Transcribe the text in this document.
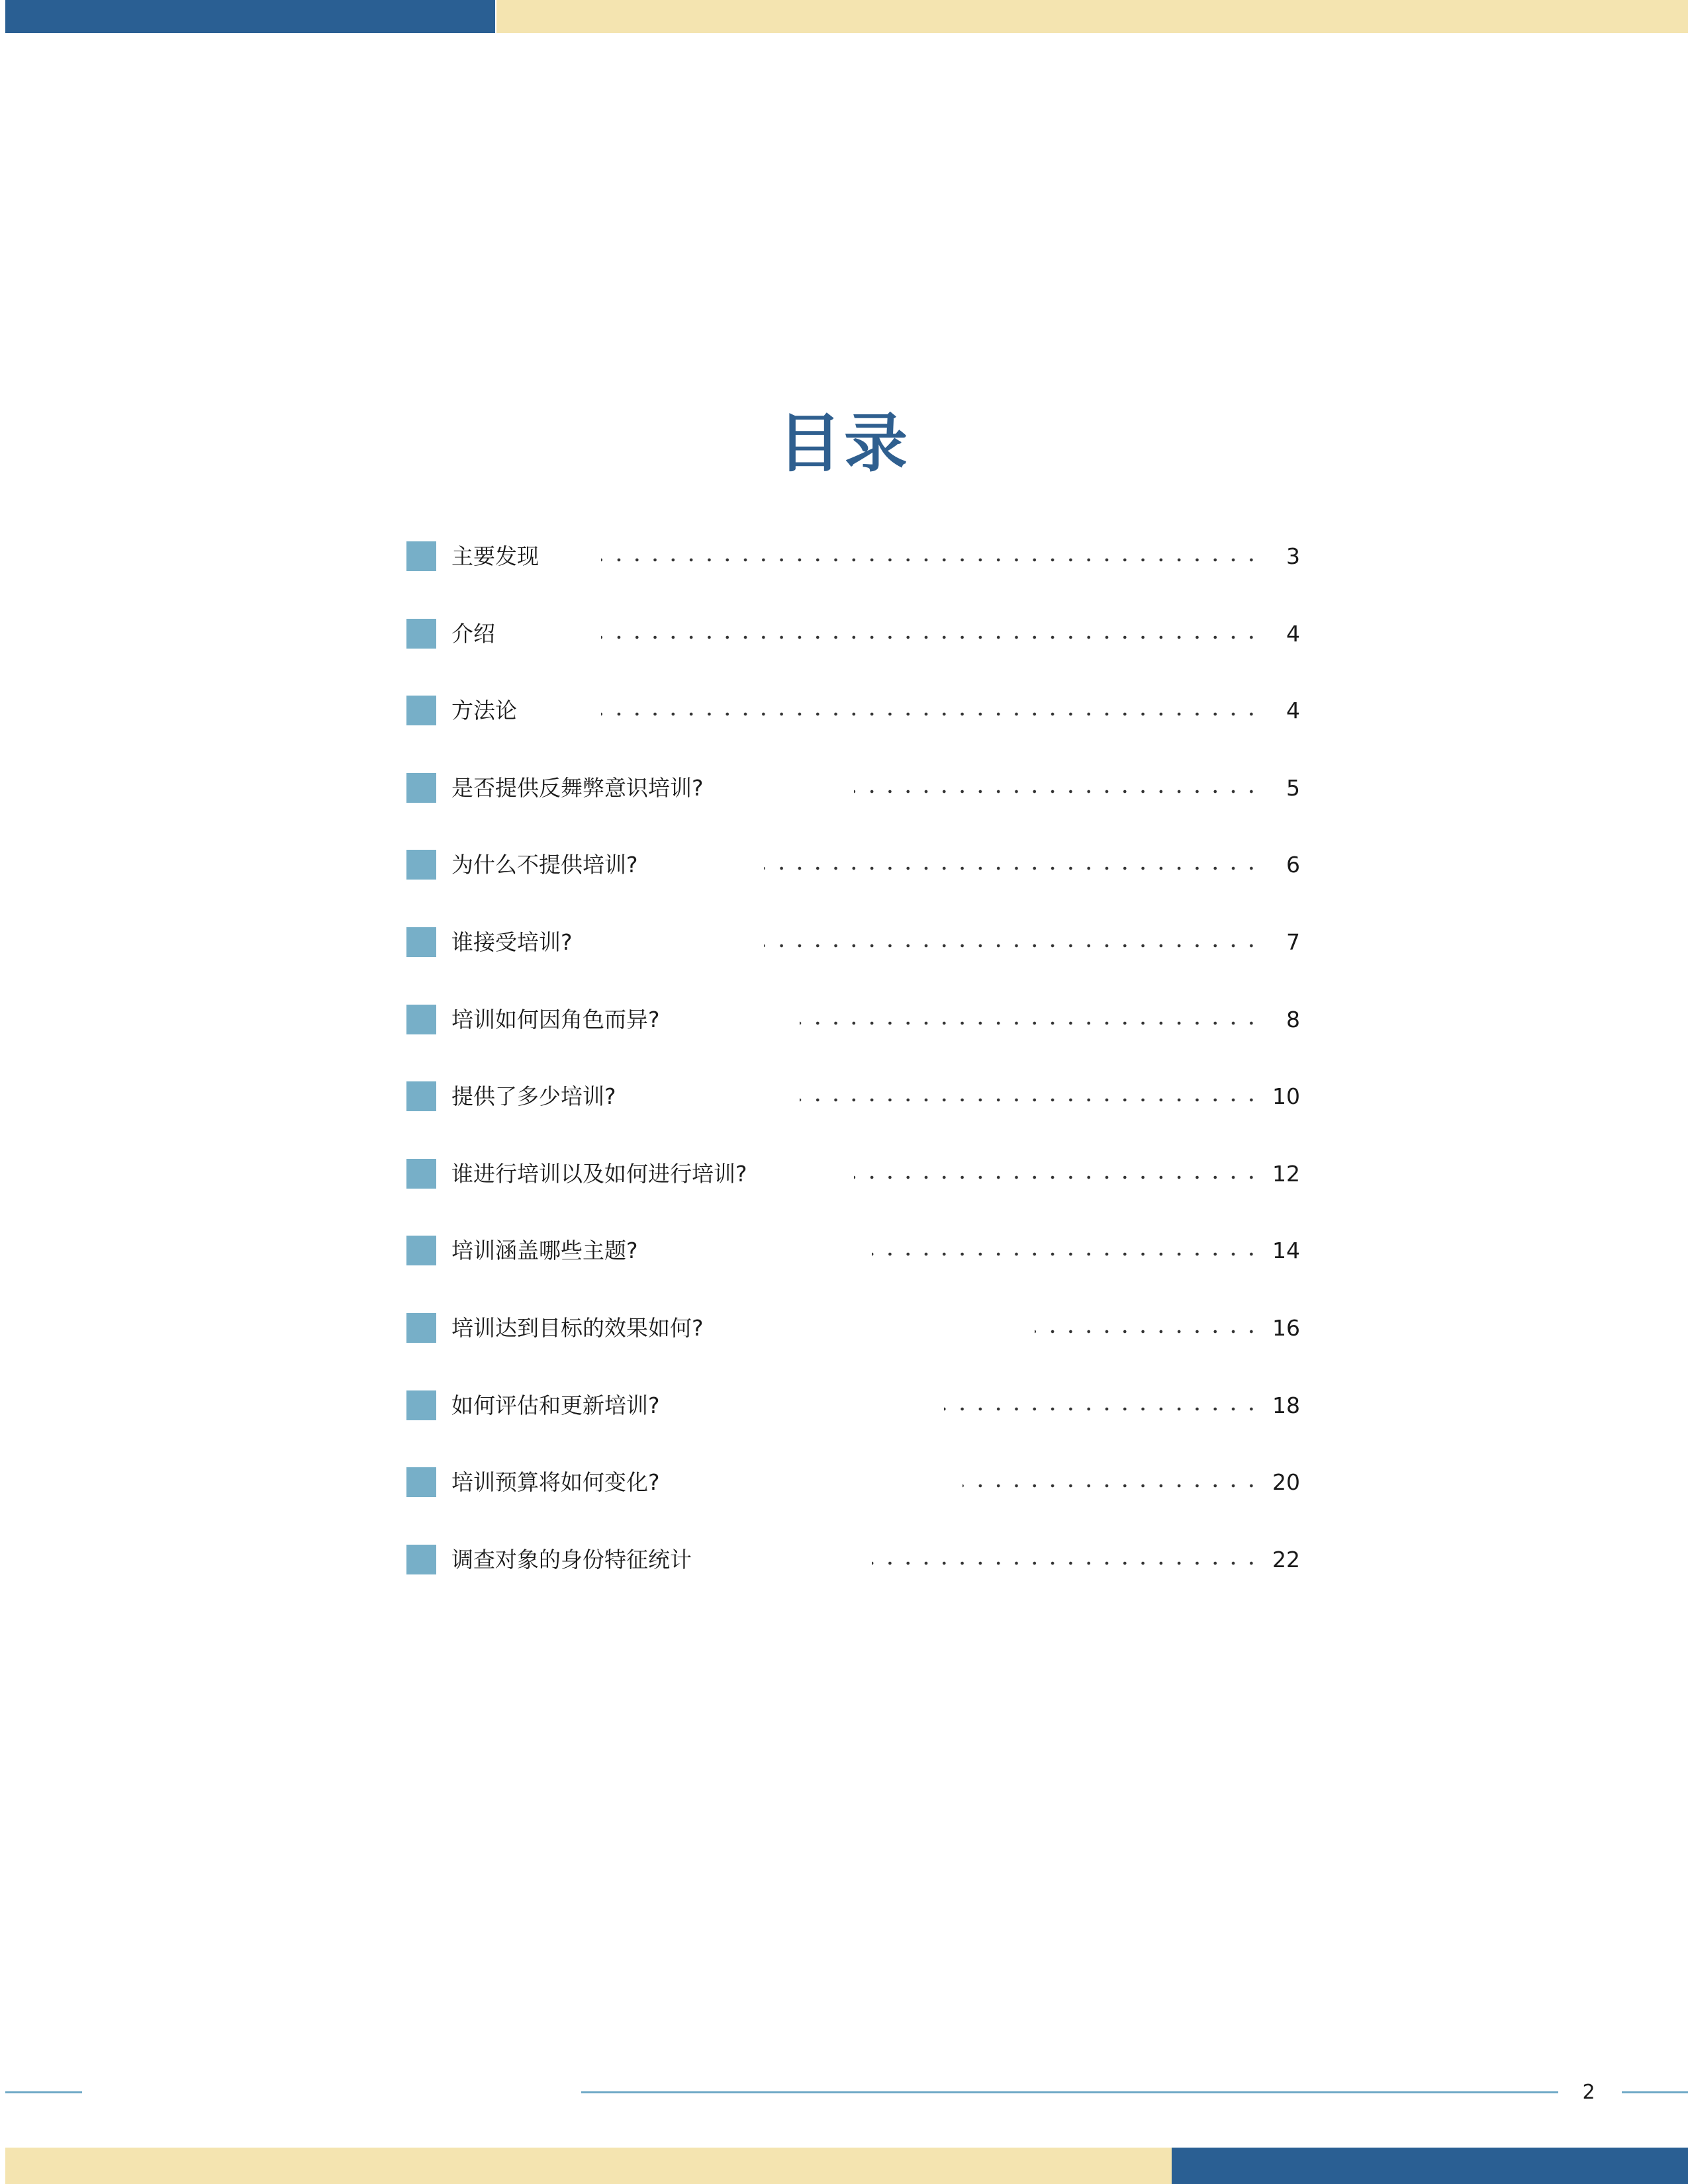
目录
主要发现	3
介绍	4
方法论	4
是否提供反舞弊意识培训?	5
为什么不提供培训?	6
谁接受培训?	7
培训如何因角色而异?	8
提供了多少培训?	10
谁进行培训以及如何进行培训?	12
培训涵盖哪些主题?	14
培训达到目标的效果如何?	16
如何评估和更新培训?	18
培训预算将如何变化?	20
调查对象的身份特征统计	22
2
